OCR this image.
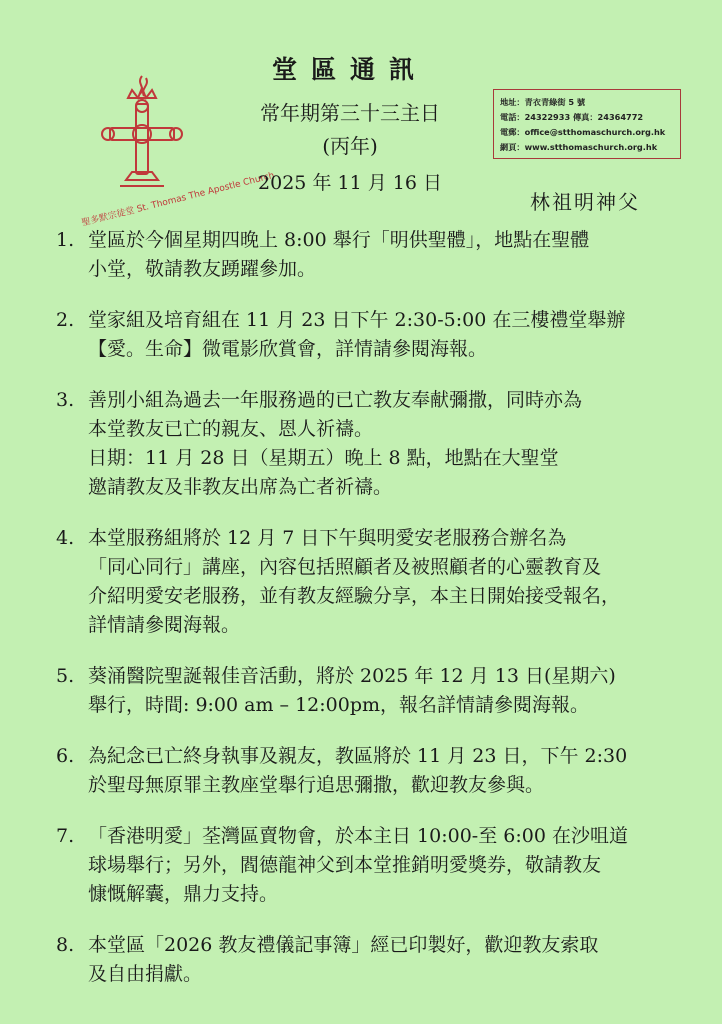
聖多默宗徒堂 St. Thomas The Apostle Church
堂區通訊
常年期第三十三主日
(丙年)
2025 年 11 月 16 日
林祖明神父
地址：青衣青綠街 5 號
電話：24322933 傳真：24364772
電郵：office@stthomaschurch.org.hk
網頁：www.stthomaschurch.org.hk
1. 堂區於今個星期四晚上 8:00 舉行「明供聖體」，地點在聖體
小堂，敬請教友踴躍參加。
2. 堂家組及培育組在 11 月 23 日下午 2:30-5:00 在三樓禮堂舉辦
【愛。生命】微電影欣賞會，詳情請參閱海報。
3. 善別小組為過去一年服務過的已亡教友奉献彌撒，同時亦為
本堂教友已亡的親友、恩人祈禱。
日期：11 月 28 日（星期五）晚上 8 點，地點在大聖堂
邀請教友及非教友出席為亡者祈禱。
4. 本堂服務組將於 12 月 7 日下午與明愛安老服務合辦名為
「同心同行」講座，內容包括照顧者及被照顧者的心靈教育及
介紹明愛安老服務，並有教友經驗分享，本主日開始接受報名，
詳情請參閱海報。
5. 葵涌醫院聖誕報佳音活動，將於 2025 年 12 月 13 日(星期六)
舉行，時間: 9:00 am – 12:00pm，報名詳情請參閱海報。
6. 為紀念已亡終身執事及親友，教區將於 11 月 23 日，下午 2:30
於聖母無原罪主教座堂舉行追思彌撒，歡迎教友參與。
7. 「香港明愛」荃灣區賣物會，於本主日 10:00-至 6:00 在沙咀道
球場舉行；另外，閻德龍神父到本堂推銷明愛獎券，敬請教友
慷慨解囊，鼎力支持。
8. 本堂區「2026 教友禮儀記事簿」經已印製好，歡迎教友索取
及自由捐獻。
